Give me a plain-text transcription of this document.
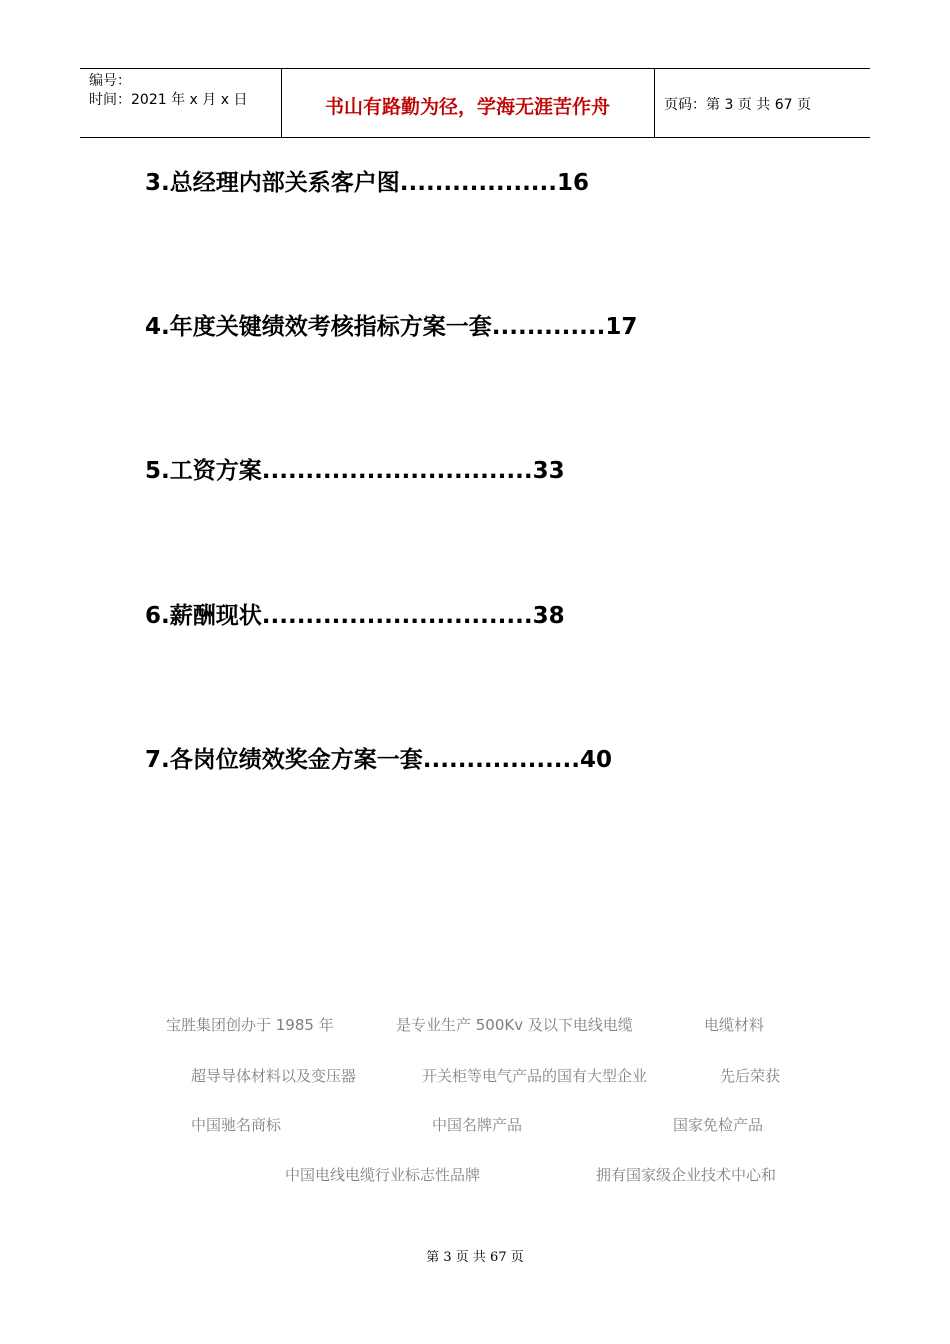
编号：
时间：2021 年 x 月 x 日	书山有路勤为径，学海无涯苦作舟	页码：第 3 页 共 67 页
3.总经理内部关系客户图..................16
4.年度关键绩效考核指标方案一套.............17
5.工资方案...............................33
6.薪酬现状...............................38
7.各岗位绩效奖金方案一套..................40
宝胜集团创办于 1985 年	是专业生产 500Kv 及以下电线电缆	电缆材料
超导导体材料以及变压器	开关柜等电气产品的国有大型企业	先后荣获
中国驰名商标	中国名牌产品	国家免检产品
中国电线电缆行业标志性品牌	拥有国家级企业技术中心和
第 3 页 共 67 页
